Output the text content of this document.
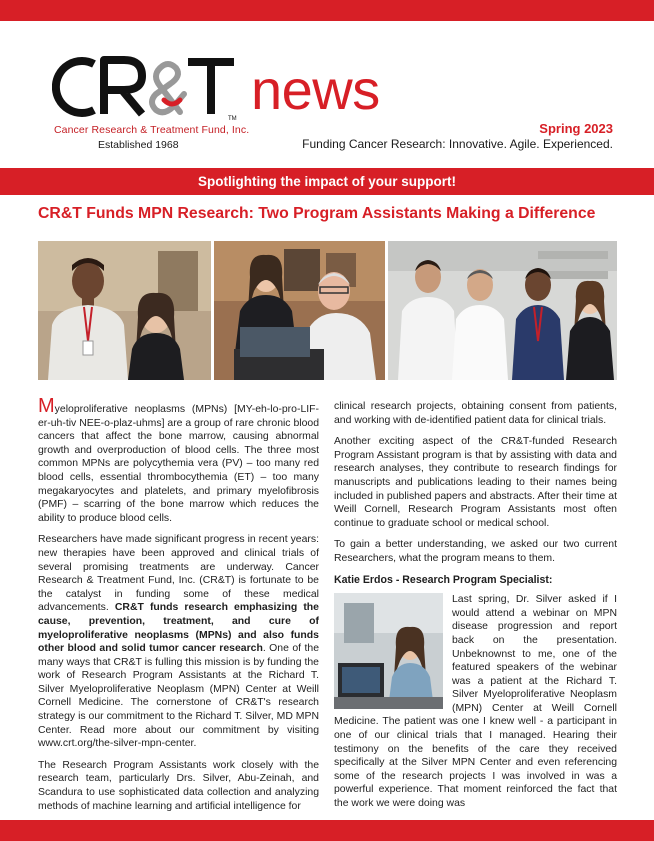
TM
Cancer Research & Treatment Fund, Inc.
Established 1968
news
Spring 2023
Funding Cancer Research: Innovative. Agile. Experienced.
Spotlighting the impact of your support!
CR&T Funds MPN Research: Two Program Assistants Making a Difference

Myeloproliferative neoplasms (MPNs) [MY-eh-lo-pro-LIF-er-uh-tiv NEE-o-plaz-uhms] are a group of rare chronic blood cancers that affect the bone marrow, causing abnormal growth and overproduction of blood cells. The three most common MPNs are polycythemia vera (PV) – too many red blood cells, essential thrombocythemia (ET) – too many megakaryocytes and platelets, and primary myelofibrosis (PMF) – scarring of the bone marrow which reduces the ability to produce blood cells.

Researchers have made significant progress in recent years: new therapies have been approved and clinical trials of several promising treatments are underway. Cancer Research & Treatment Fund, Inc. (CR&T) is fortunate to be the catalyst in funding some of these medical advancements. CR&T funds research emphasizing the cause, prevention, treatment, and cure of myeloproliferative neoplasms (MPNs) and also funds other blood and solid tumor cancer research. One of the many ways that CR&T is fulling this mission is by funding the work of Research Program Assistants at the Richard T. Silver Myeloproliferative Neoplasm (MPN) Center at Weill Cornell Medicine. The cornerstone of CR&T's research strategy is our commitment to the Richard T. Silver, MD MPN Center. Read more about our commitment by visiting www.crt.org/the-silver-mpn-center.

The Research Program Assistants work closely with the research team, particularly Drs. Silver, Abu-Zeinah, and Scandura to use sophisticated data collection and analyzing methods of machine learning and artificial intelligence for

clinical research projects, obtaining consent from patients, and working with de-identified patient data for clinical trials.

Another exciting aspect of the CR&T-funded Research Program Assistant program is that by assisting with data and research analyses, they contribute to research findings for manuscripts and publications leading to their names being included in published papers and abstracts. After their time at Weill Cornell, Research Program Assistants most often continue to graduate school or medical school.

To gain a better understanding, we asked our two current Researchers, what the program means to them.

Katie Erdos - Research Program Specialist:

Last spring, Dr. Silver asked if I would attend a webinar on MPN disease progression and report back on the presentation. Unbeknownst to me, one of the featured speakers of the webinar was a patient at the Richard T. Silver Myeloproliferative Neoplasm (MPN) Center at Weill Cornell Medicine. The patient was one I knew well - a participant in one of our clinical trials that I managed. Hearing their testimony on the benefits of the care they received specifically at the Silver MPN Center and even referencing some of the research projects I was involved in was a powerful experience. That moment reinforced the fact that the work we were doing was
